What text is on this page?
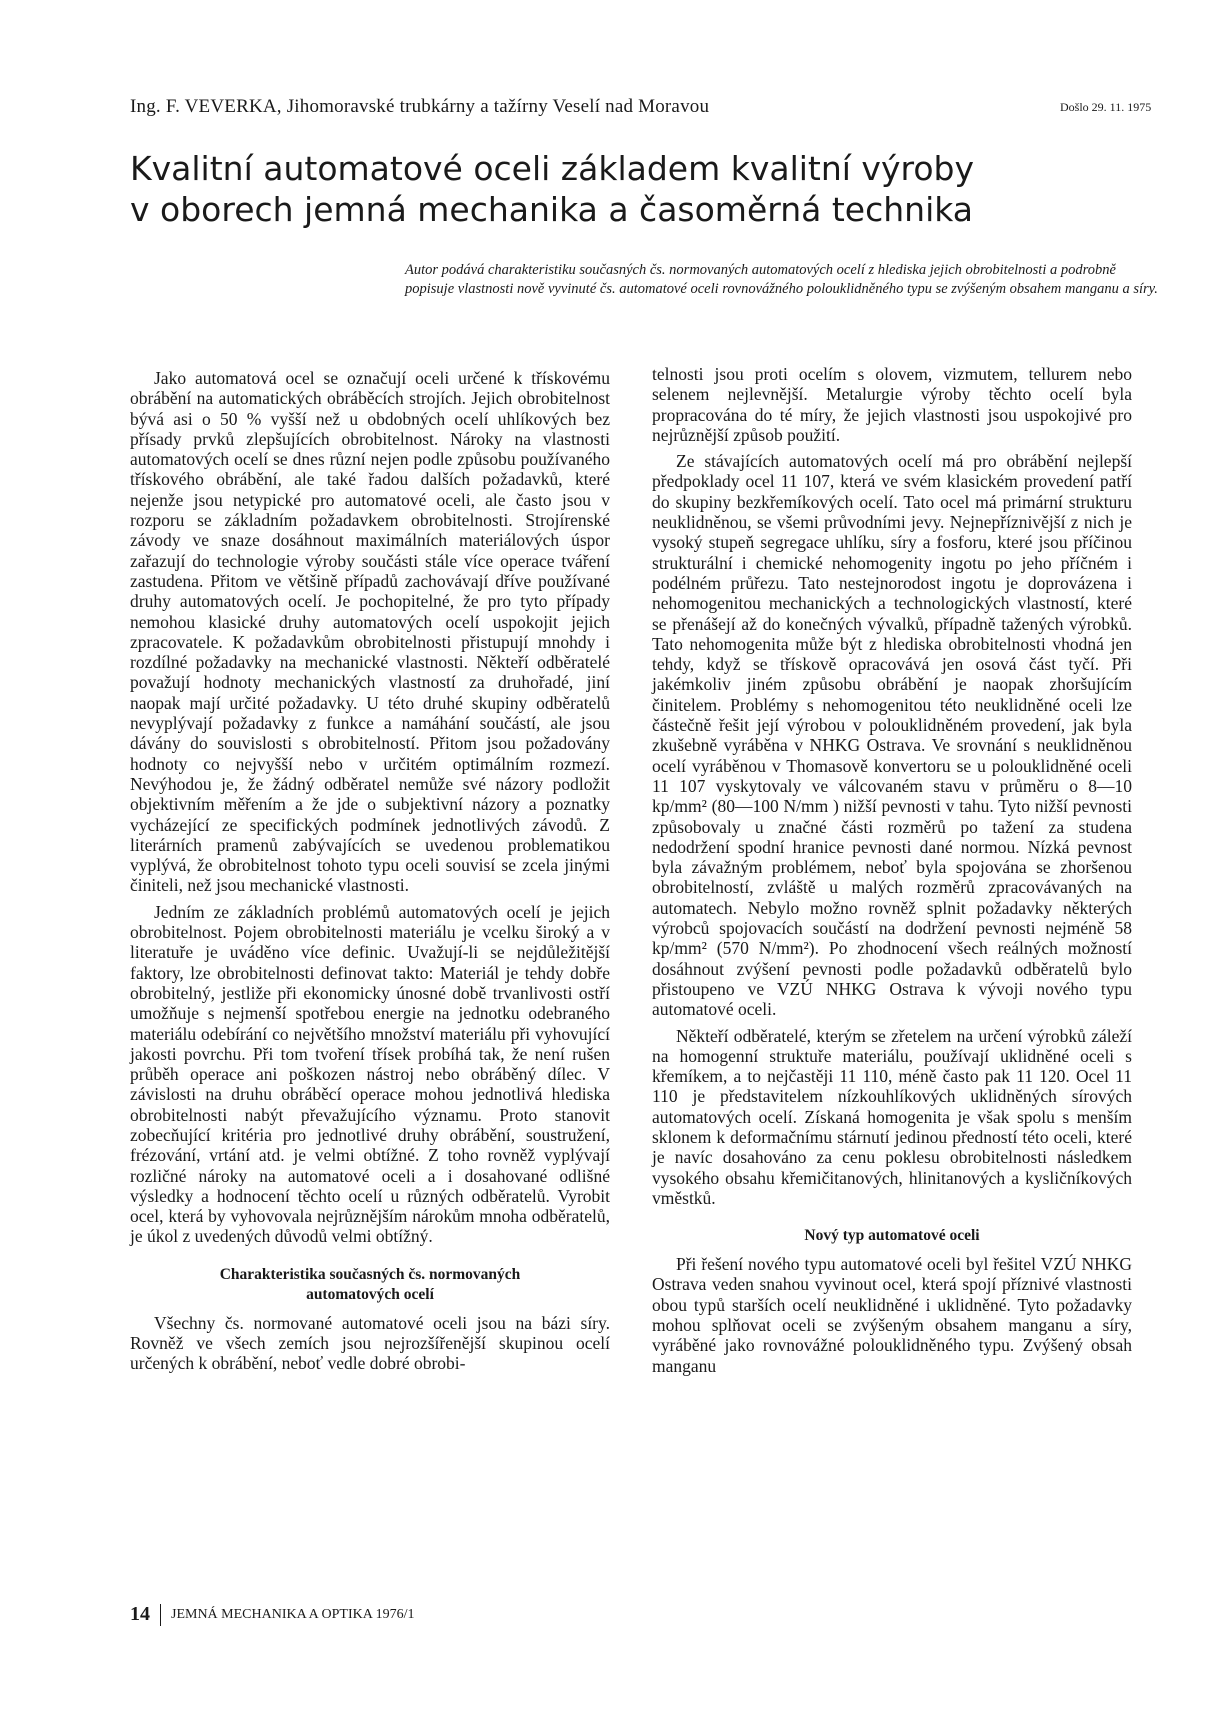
Ing. F. VEVERKA, Jihomoravské trubkárny a tažírny Veselí nad Moravou	Došlo 29. 11. 1975
Kvalitní automatové oceli základem kvalitní výroby
v oborech jemná mechanika a časoměrná technika

Autor podává charakteristiku současných čs. normovaných automatových ocelí z hlediska jejich obrobitelnosti a podrobně popisuje vlastnosti nově vyvinuté čs. automatové oceli rovnovážného polouklidněného typu se zvýšeným obsahem manganu a síry.

Jako automatová ocel se označují oceli určené k třískovému obrábění na automatických obráběcích strojích. Jejich obrobitelnost bývá asi o 50 % vyšší než u obdobných ocelí uhlíkových bez přísady prvků zlepšujících obrobitelnost. Nároky na vlastnosti automatových ocelí se dnes různí nejen podle způsobu používaného třískového obrábění, ale také řadou dalších požadavků, které nejenže jsou netypické pro automatové oceli, ale často jsou v rozporu se základním požadavkem obrobitelnosti. Strojírenské závody ve snaze dosáhnout maximálních materiálových úspor zařazují do technologie výroby součásti stále více operace tváření zastudena. Přitom ve většině případů zachovávají dříve používané druhy automatových ocelí. Je pochopitelné, že pro tyto případy nemohou klasické druhy automatových ocelí uspokojit jejich zpracovatele. K požadavkům obrobitelnosti přistupují mnohdy i rozdílné požadavky na mechanické vlastnosti. Někteří odběratelé považují hodnoty mechanických vlastností za druhořadé, jiní naopak mají určité požadavky. U této druhé skupiny odběratelů nevyplývají požadavky z funkce a namáhání součástí, ale jsou dávány do souvislosti s obrobitelností. Přitom jsou požadovány hodnoty co nejvyšší nebo v určitém optimálním rozmezí. Nevýhodou je, že žádný odběratel nemůže své názory podložit objektivním měřením a že jde o subjektivní názory a poznatky vycházející ze specifických podmínek jednotlivých závodů. Z literárních pramenů zabývajících se uvedenou problematikou vyplývá, že obrobitelnost tohoto typu oceli souvisí se zcela jinými činiteli, než jsou mechanické vlastnosti.

Jedním ze základních problémů automatových ocelí je jejich obrobitelnost. Pojem obrobitelnosti materiálu je vcelku široký a v literatuře je uváděno více definic. Uvažují-li se nejdůležitější faktory, lze obrobitelnosti definovat takto: Materiál je tehdy dobře obrobitelný, jestliže při ekonomicky únosné době trvanlivosti ostří umožňuje s nejmenší spotřebou energie na jednotku odebraného materiálu odebírání co největšího množství materiálu při vyhovující jakosti povrchu. Při tom tvoření třísek probíhá tak, že není rušen průběh operace ani poškozen nástroj nebo obráběný dílec. V závislosti na druhu obráběcí operace mohou jednotlivá hlediska obrobitelnosti nabýt převažujícího významu. Proto stanovit zobecňující kritéria pro jednotlivé druhy obrábění, soustružení, frézování, vrtání atd. je velmi obtížné. Z toho rovněž vyplývají rozličné nároky na automatové oceli a i dosahované odlišné výsledky a hodnocení těchto ocelí u různých odběratelů. Vyrobit ocel, která by vyhovovala nejrůznějším nárokům mnoha odběratelů, je úkol z uvedených důvodů velmi obtížný.

Charakteristika současných čs. normovaných
automatových ocelí

Všechny čs. normované automatové oceli jsou na bázi síry. Rovněž ve všech zemích jsou nejrozšířenější skupinou ocelí určených k obrábění, neboť vedle dobré obrobi-

telnosti jsou proti ocelím s olovem, vizmutem, tellurem nebo selenem nejlevnější. Metalurgie výroby těchto ocelí byla propracována do té míry, že jejich vlastnosti jsou uspokojivé pro nejrůznější způsob použití.

Ze stávajících automatových ocelí má pro obrábění nejlepší předpoklady ocel 11 107, která ve svém klasickém provedení patří do skupiny bezkřemíkových ocelí. Tato ocel má primární strukturu neuklidněnou, se všemi průvodními jevy. Nejnepříznivější z nich je vysoký stupeň segregace uhlíku, síry a fosforu, které jsou příčinou strukturální i chemické nehomogenity ingotu po jeho příčném i podélném průřezu. Tato nestejnorodost ingotu je doprovázena i nehomogenitou mechanických a technologických vlastností, které se přenášejí až do konečných vývalků, případně tažených výrobků. Tato nehomogenita může být z hlediska obrobitelnosti vhodná jen tehdy, když se třískově opracovává jen osová část tyčí. Při jakémkoliv jiném způsobu obrábění je naopak zhoršujícím činitelem. Problémy s nehomogenitou této neuklidněné oceli lze částečně řešit její výrobou v polouklidněném provedení, jak byla zkušebně vyráběna v NHKG Ostrava. Ve srovnání s neuklidněnou ocelí vyráběnou v Thomasově konvertoru se u polouklidněné oceli 11 107 vyskytovaly ve válcovaném stavu v průměru o 8—10 kp/mm² (80—100 N/mm ) nižší pevnosti v tahu. Tyto nižší pevnosti způsobovaly u značné části rozměrů po tažení za studena nedodržení spodní hranice pevnosti dané normou. Nízká pevnost byla závažným problémem, neboť byla spojována se zhoršenou obrobitelností, zvláště u malých rozměrů zpracovávaných na automatech. Nebylo možno rovněž splnit požadavky některých výrobců spojovacích součástí na dodržení pevnosti nejméně 58 kp/mm² (570 N/mm²). Po zhodnocení všech reálných možností dosáhnout zvýšení pevnosti podle požadavků odběratelů bylo přistoupeno ve VZÚ NHKG Ostrava k vývoji nového typu automatové oceli.

Někteří odběratelé, kterým se zřetelem na určení výrobků záleží na homogenní struktuře materiálu, používají uklidněné oceli s křemíkem, a to nejčastěji 11 110, méně často pak 11 120. Ocel 11 110 je představitelem nízkouhlíkových uklidněných sírových automatových ocelí. Získaná homogenita je však spolu s menším sklonem k deformačnímu stárnutí jedinou předností této oceli, které je navíc dosahováno za cenu poklesu obrobitelnosti následkem vysokého obsahu křemičitanových, hlinitanových a kysličníkových vměstků.

Nový typ automatové oceli

Při řešení nového typu automatové oceli byl řešitel VZÚ NHKG Ostrava veden snahou vyvinout ocel, která spojí příznivé vlastnosti obou typů starších ocelí neuklidněné i uklidněné. Tyto požadavky mohou splňovat oceli se zvýšeným obsahem manganu a síry, vyráběné jako rovnovážné polouklidněného typu. Zvýšený obsah manganu

14 JEMNÁ MECHANIKA A OPTIKA 1976/1
